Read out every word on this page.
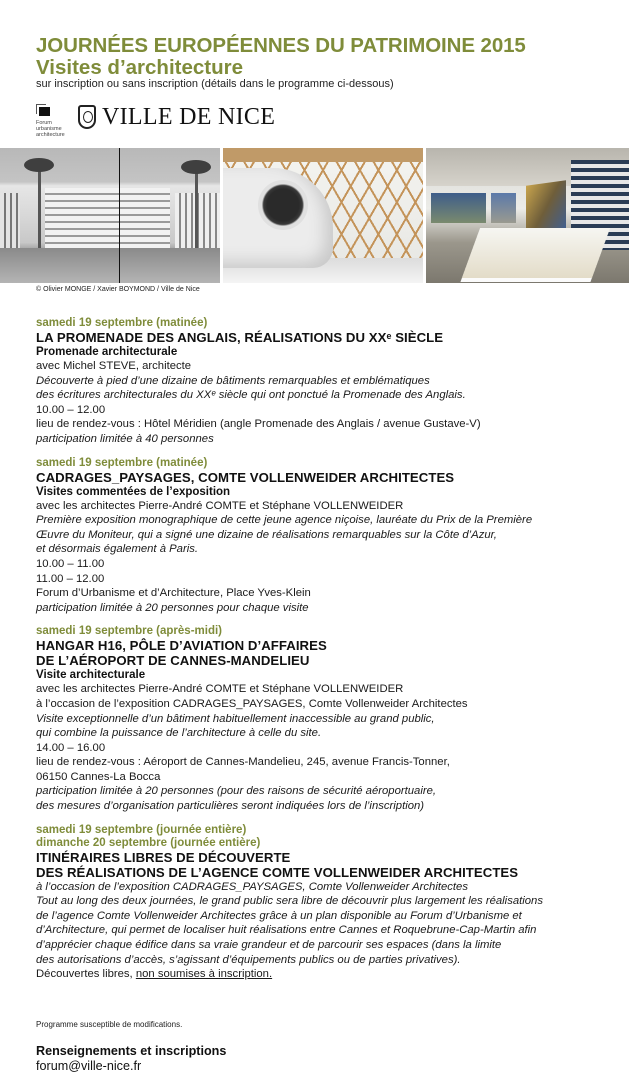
JOURNÉES EUROPÉENNES DU PATRIMOINE 2015
Visites d’architecture
sur inscription ou sans inscription (détails dans le programme ci-dessous)
Forum urbanisme architecture
VILLE DE NICE
© Olivier MONGE / Xavier BOYMOND / Ville de Nice
samedi 19 septembre (matinée)
LA PROMENADE DES ANGLAIS, RÉALISATIONS DU XXᵉ SIÈCLE
Promenade architecturale
avec Michel STEVE, architecte
Découverte à pied d’une dizaine de bâtiments remarquables et emblématiques
des écritures architecturales du XXᵉ siècle qui ont ponctué la Promenade des Anglais.
10.00 – 12.00
lieu de rendez-vous : Hôtel Méridien (angle Promenade des Anglais / avenue Gustave-V)
participation limitée à 40 personnes
samedi 19 septembre (matinée)
CADRAGES_PAYSAGES, COMTE VOLLENWEIDER ARCHITECTES
Visites commentées de l’exposition
avec les architectes Pierre-André COMTE et Stéphane VOLLENWEIDER
Première exposition monographique de cette jeune agence niçoise, lauréate du Prix de la Première
Œuvre du Moniteur, qui a signé une dizaine de réalisations remarquables sur la Côte d’Azur,
et désormais également à Paris.
10.00 – 11.00
11.00 – 12.00
Forum d’Urbanisme et d’Architecture, Place Yves-Klein
participation limitée à 20 personnes pour chaque visite
samedi 19 septembre (après-midi)
HANGAR H16, PÔLE D’AVIATION D’AFFAIRES
DE L’AÉROPORT DE CANNES-MANDELIEU
Visite architecturale
avec les architectes Pierre-André COMTE et Stéphane VOLLENWEIDER
à l’occasion de l’exposition CADRAGES_PAYSAGES, Comte Vollenweider Architectes
Visite exceptionnelle d’un bâtiment habituellement inaccessible au grand public,
qui combine la puissance de l’architecture à celle du site.
14.00 – 16.00
lieu de rendez-vous : Aéroport de Cannes-Mandelieu, 245, avenue Francis-Tonner,
06150 Cannes-La Bocca
participation limitée à 20 personnes (pour des raisons de sécurité aéroportuaire,
des mesures d’organisation particulières seront indiquées lors de l’inscription)
samedi 19 septembre (journée entière)
dimanche 20 septembre (journée entière)
ITINÉRAIRES LIBRES DE DÉCOUVERTE
DES RÉALISATIONS DE L’AGENCE COMTE VOLLENWEIDER ARCHITECTES
à l’occasion de l’exposition CADRAGES_PAYSAGES, Comte Vollenweider Architectes
Tout au long des deux journées, le grand public sera libre de découvrir plus largement les réalisations
de l’agence Comte Vollenweider Architectes grâce à un plan disponible au Forum d’Urbanisme et
d’Architecture, qui permet de localiser huit réalisations entre Cannes et Roquebrune-Cap-Martin afin
d’apprécier chaque édifice dans sa vraie grandeur et de parcourir ses espaces (dans la limite
des autorisations d’accès, s’agissant d’équipements publics ou de parties privatives).
Découvertes libres, non soumises à inscription.
Programme susceptible de modifications.
Renseignements et inscriptions
forum@ville-nice.fr
